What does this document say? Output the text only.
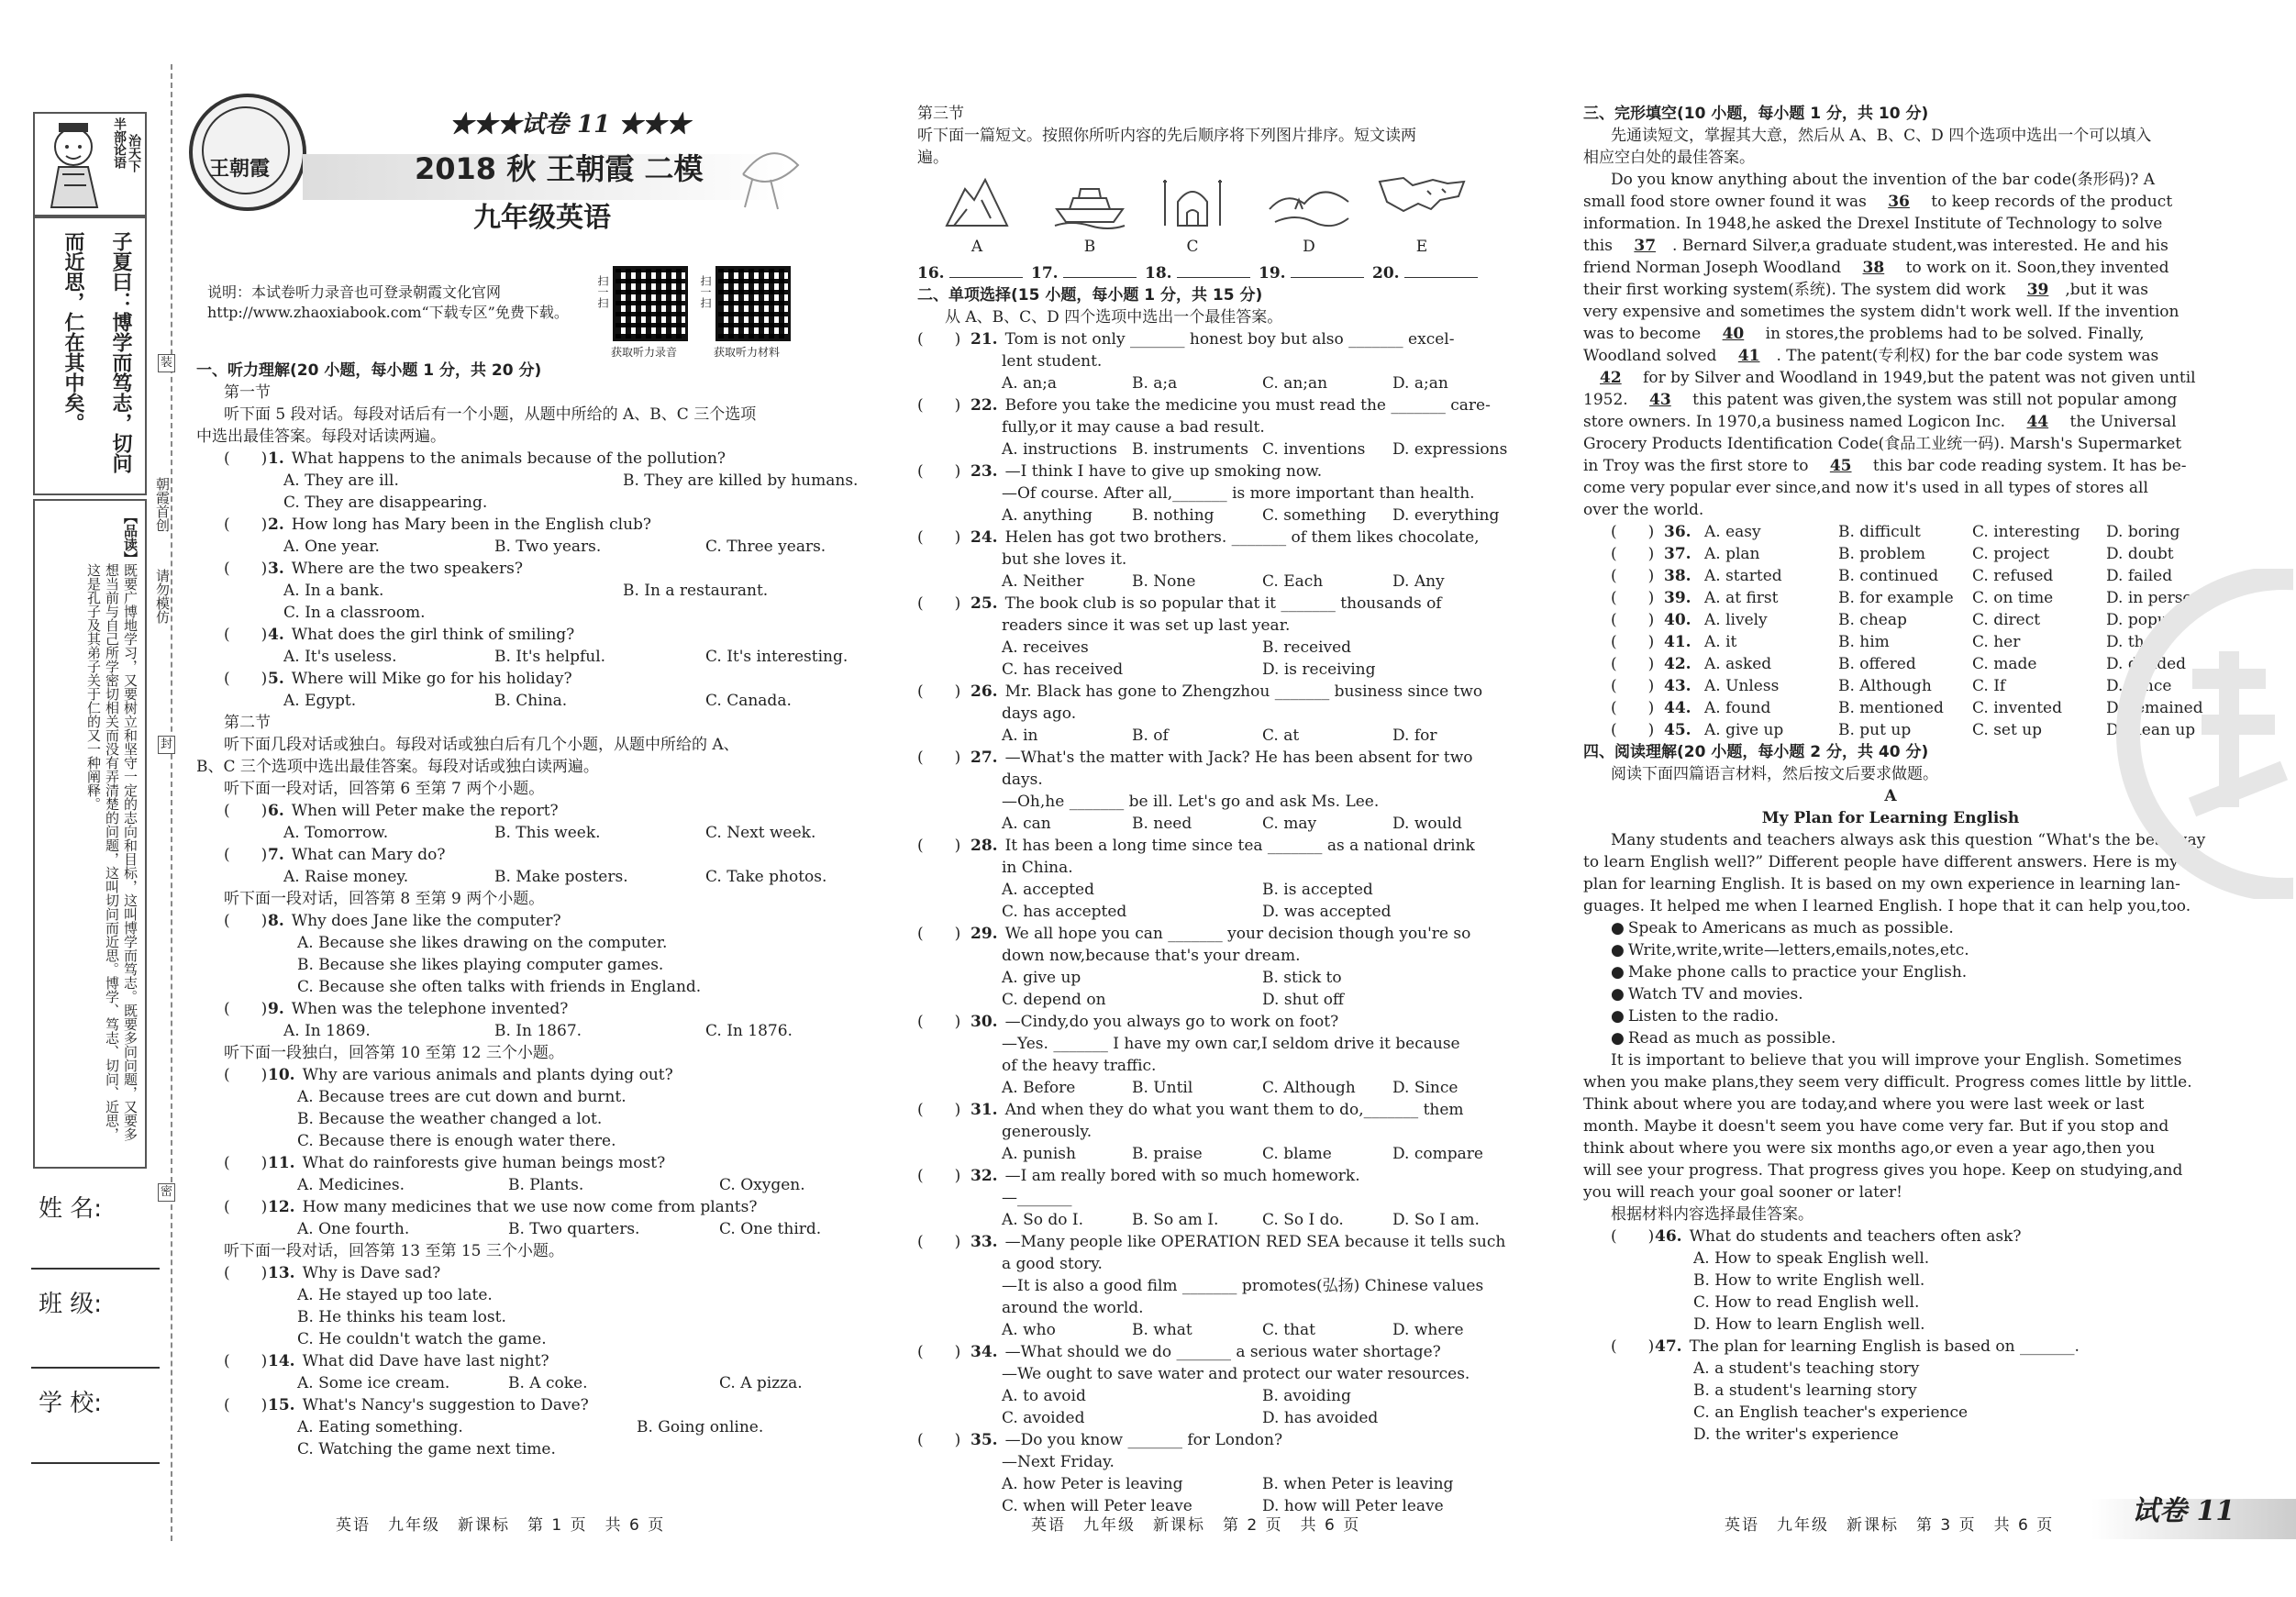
半部论语 治天下
子夏曰：博学而笃志，切问
而近思，仁在其中矣。
【品读】
既要广博地学习，又要树立和坚守一定的志向和目标，这叫博学而笃志。既要多问问题，又要多想当前与自己所学密切相关而没有弄清楚的问题，这叫切问而近思。博学、笃志、切问、近思，这是孔子及其弟子关于仁的又一种阐释。
姓 名:
班 级:
学 校:
装
封
密
朝霞首创
请勿模仿
王朝霞
★★★试卷 11 ★★★
2018 秋 王朝霞 二模
九年级英语
说明：本试卷听力录音也可登录朝霞文化官网 http://www.zhaoxiabook.com“下载专区”免费下载。
扫一扫
获取听力录音
扫一扫
获取听力材料
一、听力理解(20 小题，每小题 1 分，共 20 分)
第一节
听下面 5 段对话。每段对话后有一个小题，从题中所给的 A、B、C 三个选项
中选出最佳答案。每段对话读两遍。
(　　) 1. What happens to the animals because of the pollution?
A. They are ill.	B. They are killed by humans.
C. They are disappearing.
(　　) 2. How long has Mary been in the English club?
A. One year.	B. Two years.	C. Three years.
(　　) 3. Where are the two speakers?
A. In a bank.	B. In a restaurant.
C. In a classroom.
(　　) 4. What does the girl think of smiling?
A. It's useless.	B. It's helpful.	C. It's interesting.
(　　) 5. Where will Mike go for his holiday?
A. Egypt.	B. China.	C. Canada.
第二节
听下面几段对话或独白。每段对话或独白后有几个小题，从题中所给的 A、
B、C 三个选项中选出最佳答案。每段对话或独白读两遍。
听下面一段对话，回答第 6 至第 7 两个小题。
(　　) 6. When will Peter make the report?
A. Tomorrow.	B. This week.	C. Next week.
(　　) 7. What can Mary do?
A. Raise money.	B. Make posters.	C. Take photos.
听下面一段对话，回答第 8 至第 9 两个小题。
(　　) 8. Why does Jane like the computer?
A. Because she likes drawing on the computer.
B. Because she likes playing computer games.
C. Because she often talks with friends in England.
(　　) 9. When was the telephone invented?
A. In 1869.	B. In 1867.	C. In 1876.
听下面一段独白，回答第 10 至第 12 三个小题。
(　　) 10. Why are various animals and plants dying out?
A. Because trees are cut down and burnt.
B. Because the weather changed a lot.
C. Because there is enough water there.
(　　) 11. What do rainforests give human beings most?
A. Medicines.	B. Plants.	C. Oxygen.
(　　) 12. How many medicines that we use now come from plants?
A. One fourth.	B. Two quarters.	C. One third.
听下面一段对话，回答第 13 至第 15 三个小题。
(　　) 13. Why is Dave sad?
A. He stayed up too late.
B. He thinks his team lost.
C. He couldn't watch the game.
(　　) 14. What did Dave have last night?
A. Some ice cream.	B. A coke.	C. A pizza.
(　　) 15. What's Nancy's suggestion to Dave?
A. Eating something.	B. Going online.
C. Watching the game next time.
第三节
听下面一篇短文。按照你所听内容的先后顺序将下列图片排序。短文读两
遍。
A	B	C	D	E
16.	17.	18.	19.	20.
二、单项选择(15 小题，每小题 1 分，共 15 分)
从 A、B、C、D 四个选项中选出一个最佳答案。
(　　) 21. Tom is not only _______ honest boy but also _______ excel-
lent student.
A. an;a	B. a;a	C. an;an	D. a;an
(　　) 22. Before you take the medicine you must read the _______ care-
fully,or it may cause a bad result.
A. instructions B. instruments C. inventions	D. expressions
(　　) 23. —I think I have to give up smoking now.
—Of course. After all,_______ is more important than health.
A. anything	B. nothing	C. something	D. everything
(　　) 24. Helen has got two brothers. _______ of them likes chocolate,
but she loves it.
A. Neither	B. None	C. Each	D. Any
(　　) 25. The book club is so popular that it _______ thousands of
readers since it was set up last year.
A. receives	B. received
C. has received	D. is receiving
(　　) 26. Mr. Black has gone to Zhengzhou _______ business since two
days ago.
A. in	B. of	C. at	D. for
(　　) 27. —What's the matter with Jack? He has been absent for two
days.
—Oh,he _______ be ill. Let's go and ask Ms. Lee.
A. can	B. need	C. may	D. would
(　　) 28. It has been a long time since tea _______ as a national drink
in China.
A. accepted	B. is accepted
C. has accepted	D. was accepted
(　　) 29. We all hope you can _______ your decision though you're so
down now,because that's your dream.
A. give up	B. stick to
C. depend on	D. shut off
(　　) 30. —Cindy,do you always go to work on foot?
—Yes. _______ I have my own car,I seldom drive it because
of the heavy traffic.
A. Before	B. Until	C. Although	D. Since
(　　) 31. And when they do what you want them to do,_______ them
generously.
A. punish	B. praise	C. blame	D. compare
(　　) 32. —I am really bored with so much homework.
—_______
A. So do I.	B. So am I.	C. So I do.	D. So I am.
(　　) 33. —Many people like OPERATION RED SEA because it tells such
a good story.
—It is also a good film _______ promotes(弘扬) Chinese values
around the world.
A. who	B. what	C. that	D. where
(　　) 34. —What should we do _______ a serious water shortage?
—We ought to save water and protect our water resources.
A. to avoid	B. avoiding
C. avoided	D. has avoided
(　　) 35. —Do you know _______ for London?
—Next Friday.
A. how Peter is leaving	B. when Peter is leaving
C. when will Peter leave	D. how will Peter leave
三、完形填空(10 小题，每小题 1 分，共 10 分)
先通读短文，掌握其大意，然后从 A、B、C、D 四个选项中选出一个可以填入
相应空白处的最佳答案。
Do you know anything about the invention of the bar code(条形码)? A
small food store owner found it was 36 to keep records of the product
information. In 1948,he asked the Drexel Institute of Technology to solve
this 37 . Bernard Silver,a graduate student,was interested. He and his
friend Norman Joseph Woodland 38 to work on it. Soon,they invented
their first working system(系统). The system did work 39 ,but it was
very expensive and sometimes the system didn't work well. If the invention
was to become 40 in stores,the problems had to be solved. Finally,
Woodland solved 41 . The patent(专利权) for the bar code system was
42 for by Silver and Woodland in 1949,but the patent was not given until
1952. 43 this patent was given,the system was still not popular among
store owners. In 1970,a business named Logicon Inc. 44 the Universal
Grocery Products Identification Code(食品工业统一码). Marsh's Supermarket
in Troy was the first store to 45 this bar code reading system. It has be-
come very popular ever since,and now it's used in all types of stores all
over the world.
(　　) 36. A. easy	B. difficult	C. interesting	D. boring
(　　) 37. A. plan	B. problem	C. project	D. doubt
(　　) 38. A. started	B. continued	C. refused	D. failed
(　　) 39. A. at first	B. for example	C. on time	D. in person
(　　) 40. A. lively	B. cheap	C. direct	D. popular
(　　) 41. A. it	B. him	C. her	D. them
(　　) 42. A. asked	B. offered	C. made	D. divided
(　　) 43. A. Unless	B. Although	C. If	D. Since
(　　) 44. A. found	B. mentioned	C. invented	D. remained
(　　) 45. A. give up	B. put up	C. set up	D. clean up
四、阅读理解(20 小题，每小题 2 分，共 40 分)
阅读下面四篇语言材料，然后按文后要求做题。
A
My Plan for Learning English
Many students and teachers always ask this question “What's the best way
to learn English well?” Different people have different answers. Here is my
plan for learning English. It is based on my own experience in learning lan-
guages. It helped me when I learned English. I hope that it can help you,too.
● Speak to Americans as much as possible.
● Write,write,write—letters,emails,notes,etc.
● Make phone calls to practice your English.
● Watch TV and movies.
● Listen to the radio.
● Read as much as possible.
It is important to believe that you will improve your English. Sometimes
when you make plans,they seem very difficult. Progress comes little by little.
Think about where you are today,and where you were last week or last
month. Maybe it doesn't seem you have come very far. But if you stop and
think about where you were six months ago,or even a year ago,then you
will see your progress. That progress gives you hope. Keep on studying,and
you will reach your goal sooner or later!
根据材料内容选择最佳答案。
(　　) 46. What do students and teachers often ask?
A. How to speak English well.
B. How to write English well.
C. How to read English well.
D. How to learn English well.
(　　) 47. The plan for learning English is based on _______.
A. a student's teaching story
B. a student's learning story
C. an English teacher's experience
D. the writer's experience
英语　九年级　新课标　第 1 页　共 6 页	英语　九年级　新课标　第 2 页　共 6 页	英语　九年级　新课标　第 3 页　共 6 页	试卷 11
